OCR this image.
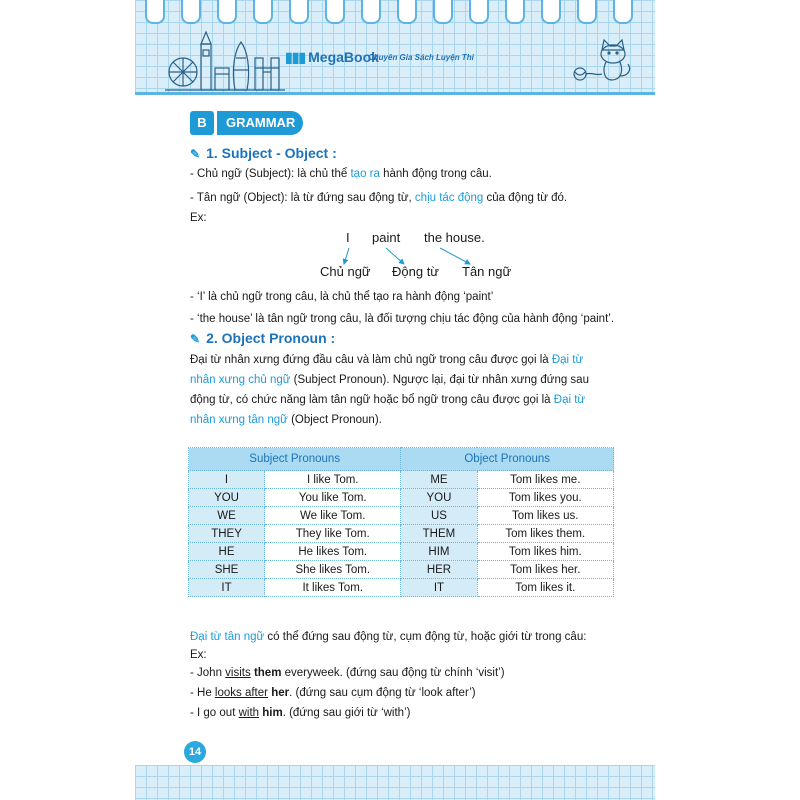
▮▮▮ MegaBook
Chuyên Gia Sách Luyện Thi
B	GRAMMAR
✎ 1. Subject - Object :
- Chủ ngữ (Subject): là chủ thể tạo ra hành động trong câu.
- Tân ngữ (Object): là từ đứng sau động từ, chịu tác động của động từ đó.
Ex:
I paint the house.
Chủ ngữ Động từ Tân ngữ
- ‘I’ là chủ ngữ trong câu, là chủ thể tạo ra hành động ‘paint’
- ‘the house’ là tân ngữ trong câu, là đối tượng chịu tác động của hành động ‘paint’.
✎ 2. Object Pronoun :
Đại từ nhân xưng đứng đầu câu và làm chủ ngữ trong câu được gọi là Đại từ
nhân xưng chủ ngữ (Subject Pronoun). Ngược lại, đại từ nhân xưng đứng sau
động từ, có chức năng làm tân ngữ hoặc bổ ngữ trong câu được gọi là Đại từ
nhân xưng tân ngữ (Object Pronoun).
Subject Pronouns		Object Pronouns	
I	I like Tom.	ME	Tom likes me.
YOU	You like Tom.	YOU	Tom likes you.
WE	We like Tom.	US	Tom likes us.
THEY	They like Tom.	THEM	Tom likes them.
HE	He likes Tom.	HIM	Tom likes him.
SHE	She likes Tom.	HER	Tom likes her.
IT	It likes Tom.	IT	Tom likes it.
Đại từ tân ngữ có thể đứng sau động từ, cụm động từ, hoặc giới từ trong câu:
Ex:
- John visits them everyweek. (đứng sau động từ chính ‘visit’)
- He looks after her. (đứng sau cụm động từ ‘look after’)
- I go out with him. (đứng sau giới từ ‘with’)
14
